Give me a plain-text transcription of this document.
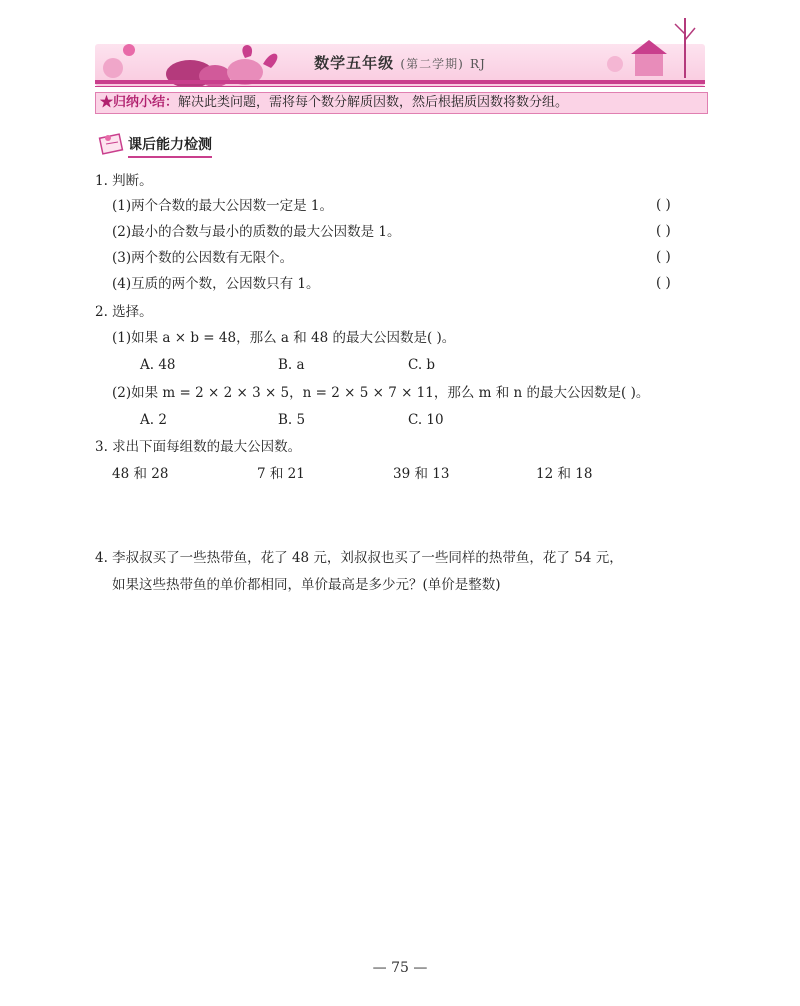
数学五年级 (第二学期) RJ
★归纳小结：解决此类问题，需将每个数分解质因数，然后根据质因数将数分组。
课后能力检测
1. 判断。
(1)两个合数的最大公因数一定是 1。	( )
(2)最小的合数与最小的质数的最大公因数是 1。	( )
(3)两个数的公因数有无限个。	( )
(4)互质的两个数，公因数只有 1。	( )
2. 选择。
(1)如果 a × b = 48，那么 a 和 48 的最大公因数是( )。
A. 48	B. a	C. b
(2)如果 m = 2 × 2 × 3 × 5，n = 2 × 5 × 7 × 11，那么 m 和 n 的最大公因数是( )。
A. 2	B. 5	C. 10
3. 求出下面每组数的最大公因数。
48 和 28	7 和 21	39 和 13	12 和 18
4. 李叔叔买了一些热带鱼，花了 48 元，刘叔叔也买了一些同样的热带鱼，花了 54 元，
如果这些热带鱼的单价都相同，单价最高是多少元？(单价是整数)
— 75 —
